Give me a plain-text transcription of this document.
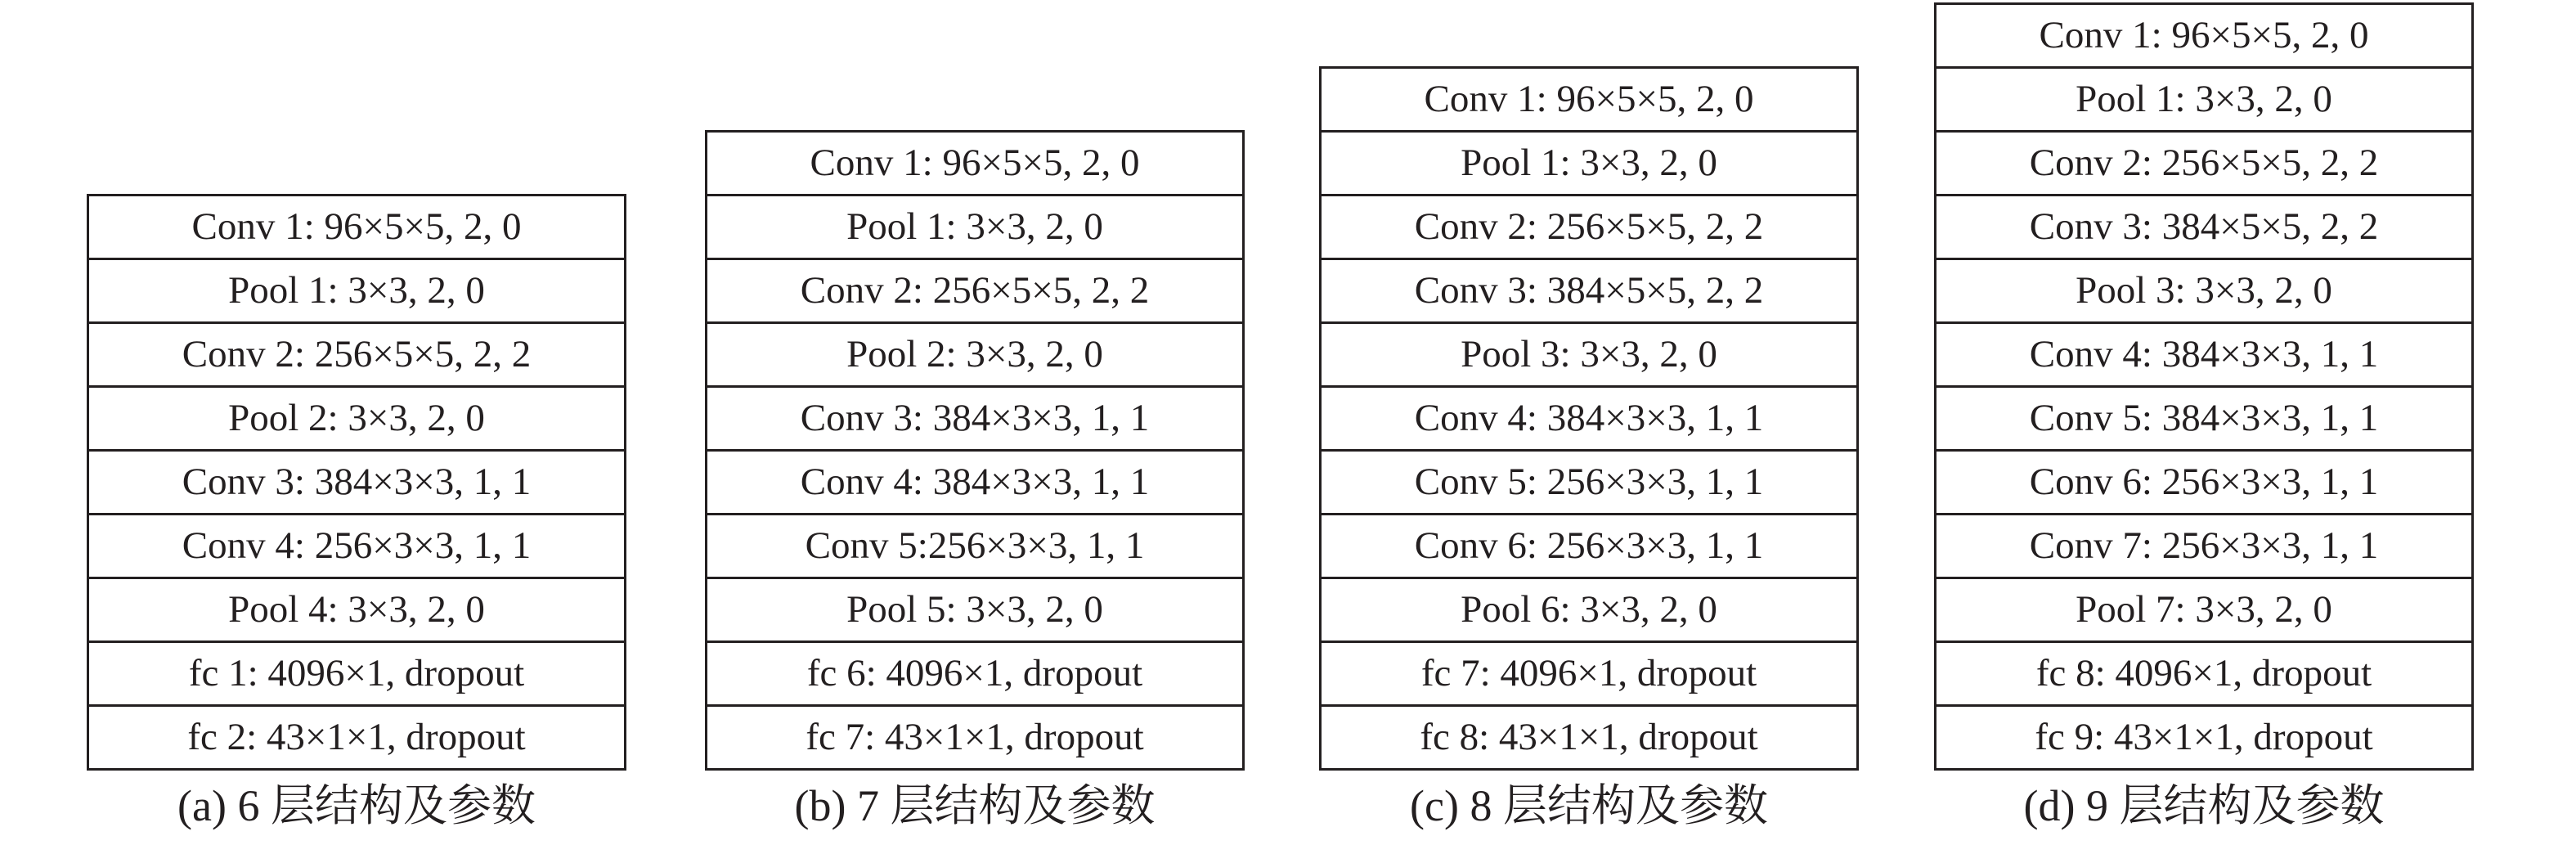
Conv 1: 96×5×5, 2, 0
Pool 1: 3×3, 2, 0
Conv 2: 256×5×5, 2, 2
Pool 2: 3×3, 2, 0
Conv 3: 384×3×3, 1, 1
Conv 4: 256×3×3, 1, 1
Pool 4: 3×3, 2, 0
fc 1: 4096×1, dropout
fc 2: 43×1×1, dropout
Conv 1: 96×5×5, 2, 0
Pool 1: 3×3, 2, 0
Conv 2: 256×5×5, 2, 2
Pool 2: 3×3, 2, 0
Conv 3: 384×3×3, 1, 1
Conv 4: 384×3×3, 1, 1
Conv 5:256×3×3, 1, 1
Pool 5: 3×3, 2, 0
fc 6: 4096×1, dropout
fc 7: 43×1×1, dropout
Conv 1: 96×5×5, 2, 0
Pool 1: 3×3, 2, 0
Conv 2: 256×5×5, 2, 2
Conv 3: 384×5×5, 2, 2
Pool 3: 3×3, 2, 0
Conv 4: 384×3×3, 1, 1
Conv 5: 256×3×3, 1, 1
Conv 6: 256×3×3, 1, 1
Pool 6: 3×3, 2, 0
fc 7: 4096×1, dropout
fc 8: 43×1×1, dropout
Conv 1: 96×5×5, 2, 0
Pool 1: 3×3, 2, 0
Conv 2: 256×5×5, 2, 2
Conv 3: 384×5×5, 2, 2
Pool 3: 3×3, 2, 0
Conv 4: 384×3×3, 1, 1
Conv 5: 384×3×3, 1, 1
Conv 6: 256×3×3, 1, 1
Conv 7: 256×3×3, 1, 1
Pool 7: 3×3, 2, 0
fc 8: 4096×1, dropout
fc 9: 43×1×1, dropout
(a) 6 层结构及参数	(b) 7 层结构及参数	(c) 8 层结构及参数	(d) 9 层结构及参数
